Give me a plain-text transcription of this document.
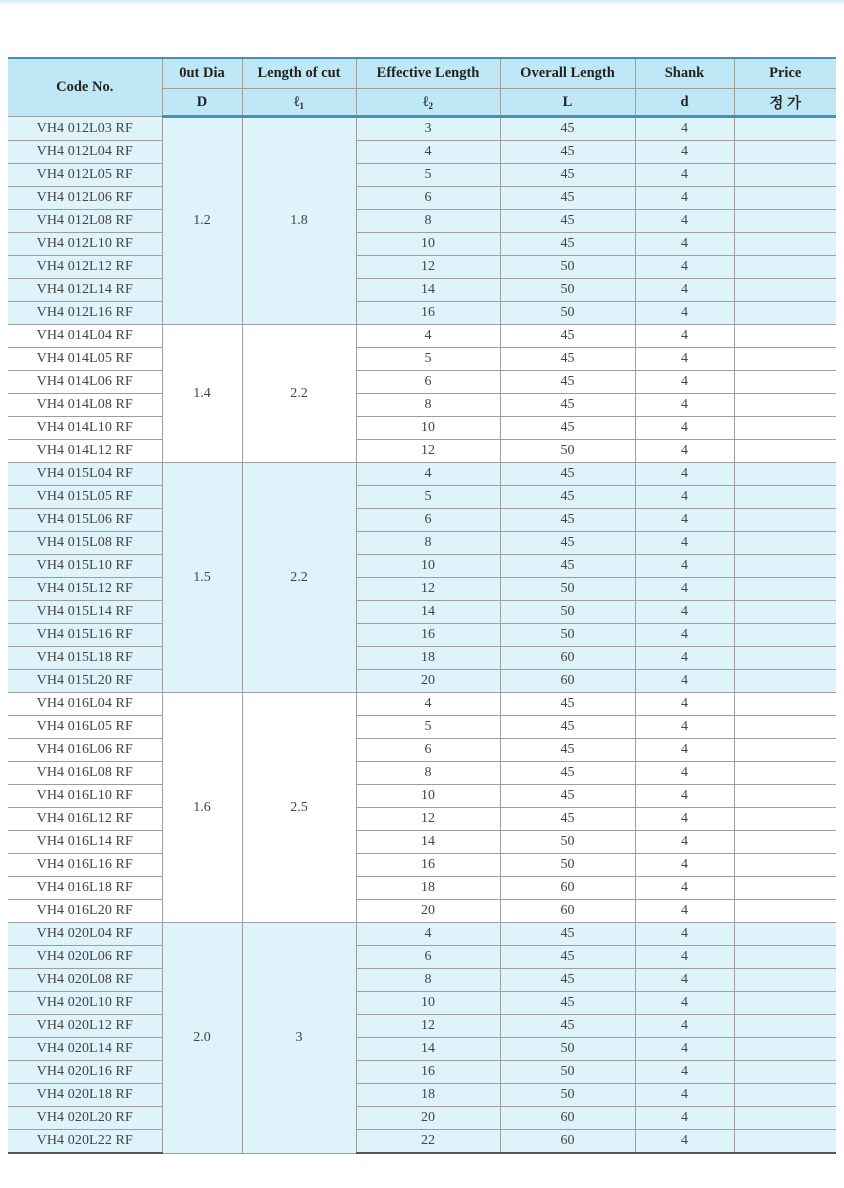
Code No.	0ut Dia	Length of cut	Effective Length	Overall Length	Shank	Price
	D	ℓ$_1$	ℓ$_2$	L	d	정 가
VH4 012L03 RF	1.2	1.8	3	45	4	
VH4 012L04 RF			4	45	4	
VH4 012L05 RF			5	45	4	
VH4 012L06 RF			6	45	4	
VH4 012L08 RF			8	45	4	
VH4 012L10 RF			10	45	4	
VH4 012L12 RF			12	50	4	
VH4 012L14 RF			14	50	4	
VH4 012L16 RF			16	50	4	
VH4 014L04 RF	1.4	2.2	4	45	4	
VH4 014L05 RF			5	45	4	
VH4 014L06 RF			6	45	4	
VH4 014L08 RF			8	45	4	
VH4 014L10 RF			10	45	4	
VH4 014L12 RF			12	50	4	
VH4 015L04 RF	1.5	2.2	4	45	4	
VH4 015L05 RF			5	45	4	
VH4 015L06 RF			6	45	4	
VH4 015L08 RF			8	45	4	
VH4 015L10 RF			10	45	4	
VH4 015L12 RF			12	50	4	
VH4 015L14 RF			14	50	4	
VH4 015L16 RF			16	50	4	
VH4 015L18 RF			18	60	4	
VH4 015L20 RF			20	60	4	
VH4 016L04 RF	1.6	2.5	4	45	4	
VH4 016L05 RF			5	45	4	
VH4 016L06 RF			6	45	4	
VH4 016L08 RF			8	45	4	
VH4 016L10 RF			10	45	4	
VH4 016L12 RF			12	45	4	
VH4 016L14 RF			14	50	4	
VH4 016L16 RF			16	50	4	
VH4 016L18 RF			18	60	4	
VH4 016L20 RF			20	60	4	
VH4 020L04 RF	2.0	3	4	45	4	
VH4 020L06 RF			6	45	4	
VH4 020L08 RF			8	45	4	
VH4 020L10 RF			10	45	4	
VH4 020L12 RF			12	45	4	
VH4 020L14 RF			14	50	4	
VH4 020L16 RF			16	50	4	
VH4 020L18 RF			18	50	4	
VH4 020L20 RF			20	60	4	
VH4 020L22 RF			22	60	4	
